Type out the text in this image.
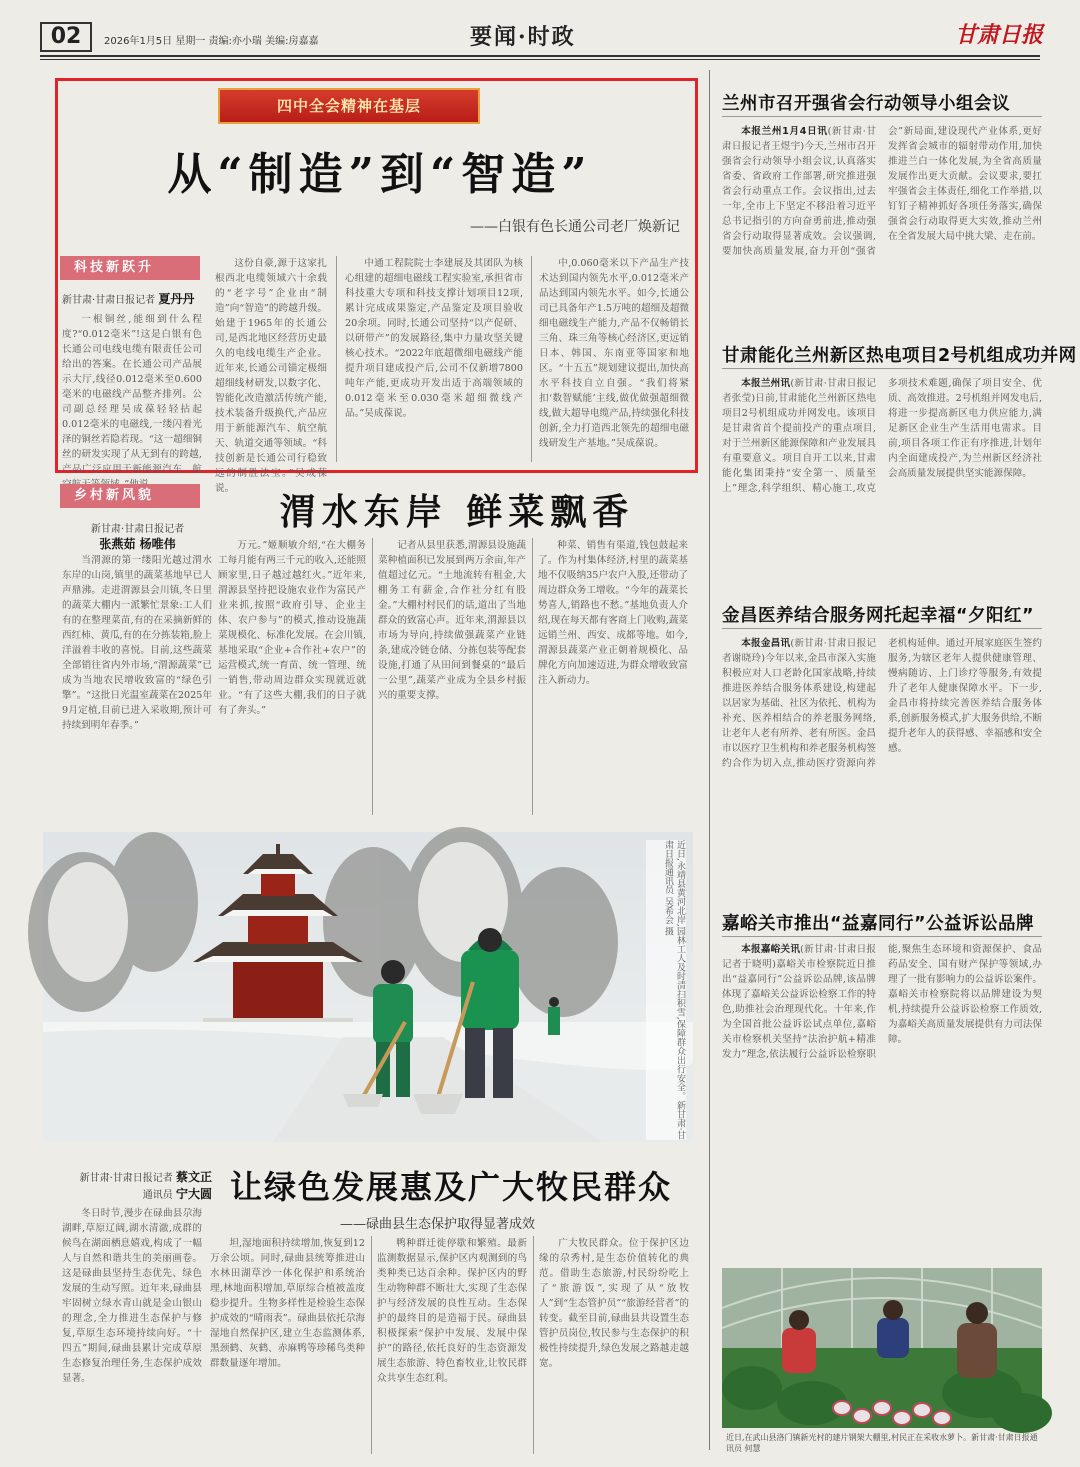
02	2026年1月5日 星期一 责编:亦小瑞 美编:房嘉嘉	要闻·时政	甘肃日报
四中全会精神在基层
从“制造”到“智造”
——白银有色长通公司老厂焕新记
科技新跃升
新甘肃·甘肃日报记者 夏丹丹

一根铜丝,能细到什么程度?“0.012毫米”!这是白银有色长通公司电线电缆有限责任公司给出的答案。在长通公司产品展示大厅,线径0.012毫米至0.600毫米的电磁线产品整齐排列。公司副总经理吴成葆轻轻拈起0.012毫米的电磁线,一缕闪着光泽的铜丝若隐若现。“这一超细铜丝的研发实现了从无到有的跨越,产品广泛应用于新能源汽车、航

这份自豪,源于这家扎根西北电缆领域六十余载的“老字号”企业由“制造”向“智造”的跨越升级。始建于1965年的长通公司,是西北地区经营历史最久的电线电缆生产企业。近年来,长通公司锚定极细超细线材研发,以数字化、智能化改造激活传统产能,技术装备升级换代,产品应用于新能源汽车、航空航天、轨道交通等领域。“科技创新是长通公司行稳致远的制胜法宝。”吴成葆说。

中通工程院院士李建展及其团队为核心组建的超细电磁线工程实验室,承担省市科技重大专项和科技支撑计划项目12项,累计完成成果鉴定,产品鉴定及项目验收20余项。同时,长通公司坚持“以产促研、以研带产”的发展路径,集中力量攻坚关键核心技术。“2022年底超微细电磁线产能提升项目建成投产后,公司不仅新增7800吨年产能,更成功开发出适于高端领域的0.012毫米至0.030毫米超细微线产品。”吴成葆说。

中,0.060毫米以下产品生产技术达到国内领先水平,0.012毫米产品达到国内领先水平。如今,长通公司已具备年产1.5万吨的超细及超微细电磁线生产能力,产品不仅畅销长三角、珠三角等核心经济区,更远销日本、韩国、东南亚等国家和地区。“十五五”规划建议提出,加快高水平科技自立自强。“我们将紧扣‘数智赋能’主线,做优做强超细微线,做大超导电缆产品,持续强化科技创新,全力打造西北领先的超细电磁线研发生产基地。”吴成葆说。

乡村新风貌	渭水东岸 鲜菜飘香
新甘肃·甘肃日报记者
张燕茹 杨唯伟

当渭源的第一缕阳光越过渭水东岸的山岗,镇里的蔬菜基地早已人声鼎沸。走进渭源县会川镇,冬日里的蔬菜大棚内一派繁忙景象:工人们有的在整理菜苗,有的在采摘新鲜的西红柿、黄瓜,有的在分拣装箱,脸上洋溢着丰收的喜悦。目前,这些蔬菜全部销往省内外市场,“渭源蔬菜”已成为当地农民增收致富的“绿色引擎”。“这批日光温室蔬菜在2025年9月定植,目前已进入采收期,预计可持续到明年春季。”

万元。”姬顺敏介绍,“在大棚务工每月能有两三千元的收入,还能照顾家里,日子越过越红火。”近年来,渭源县坚持把设施农业作为富民产业来抓,按照“政府引导、企业主体、农户参与”的模式,推动设施蔬菜规模化、标准化发展。在会川镇,基地采取“企业+合作社+农户”的运营模式,统一育苗、统一管理、统一销售,带动周边群众实现就近就业。“有了这些大棚,我们的日子就有了奔头。”

记者从县里获悉,渭源县设施蔬菜种植面积已发展到两万余亩,年产值超过亿元。“土地流转有租金,大棚务工有薪金,合作社分红有股金。”大棚村村民们的话,道出了当地群众的致富心声。近年来,渭源县以市场为导向,持续做强蔬菜产业链条,建成冷链仓储、分拣包装等配套设施,打通了从田间到餐桌的“最后一公里”,蔬菜产业成为全县乡村振兴的重要支撑。

种菜、销售有渠道,钱包鼓起来了。作为村集体经济,村里的蔬菜基地不仅吸纳35户农户入股,还带动了周边群众务工增收。“今年的蔬菜长势喜人,销路也不愁。”基地负责人介绍,现在每天都有客商上门收购,蔬菜远销兰州、西安、成都等地。如今,渭源县蔬菜产业正朝着规模化、品牌化方向加速迈进,为群众增收致富注入新动力。

近日,永靖县黄河北岸,园林工人及时清扫积雪,保障群众出行安全。新甘肃·甘肃日报通讯员 吴希会 摄
让绿色发展惠及广大牧民群众
——碌曲县生态保护取得显著成效
新甘肃·甘肃日报记者 蔡文正
通讯员 宁大圆

冬日时节,漫步在碌曲县尕海湖畔,草原辽阔,湖水清澈,成群的候鸟在湖面栖息嬉戏,构成了一幅人与自然和谐共生的美丽画卷。这是碌曲县坚持生态优先、绿色发展的生动写照。近年来,碌曲县牢固树立绿水青山就是金山银山的理念,全力推进生态保护与修复,草原生态环境持续向好。“十四五”期间,碌曲县累计完成草原生态修复治理任务,生态保护成效显著。

坦,湿地面积持续增加,恢复到12万余公顷。同时,碌曲县统筹推进山水林田湖草沙一体化保护和系统治理,林地面积增加,草原综合植被盖度稳步提升。生物多样性是检验生态保护成效的“晴雨表”。碌曲县依托尕海湿地自然保护区,建立生态监测体系,黑颈鹤、灰鹤、赤麻鸭等珍稀鸟类种群数量逐年增加。

鸭种群迁徙停歇和繁殖。最新监测数据显示,保护区内观测到的鸟类种类已达百余种。保护区内的野生动物种群不断壮大,实现了生态保护与经济发展的良性互动。生态保护的最终目的是造福于民。碌曲县积极探索“保护中发展、发展中保护”的路径,依托良好的生态资源发展生态旅游、特色畜牧业,让牧民群众共享生态红利。

广大牧民群众。位于保护区边缘的尕秀村,是生态价值转化的典范。借助生态旅游,村民纷纷吃上了“旅游饭”,实现了从“放牧人”到“生态管护员”“旅游经营者”的转变。截至目前,碌曲县共设置生态管护员岗位,牧民参与生态保护的积极性持续提升,绿色发展之路越走越宽。

兰州市召开强省会行动领导小组会议

本报兰州1月4日讯(新甘肃·甘肃日报记者王煜宇)今天,兰州市召开强省会行动领导小组会议,认真落实省委、省政府工作部署,研究推进强省会行动重点工作。会议指出,过去一年,全市上下坚定不移沿着习近平总书记指引的方向奋勇前进,推动强省会行动取得显著成效。会议强调,要加快高质量发展,奋力开创“强省会”新局面,建设现代产业体系,更好发挥省会城市的辐射带动作用,加快推进兰白一体化发展,为全省高质量发展作出更大贡献。会议要求,要扛牢强省会主体责任,细化工作举措,以钉钉子精神抓好各项任务落实,确保强省会行动取得更大实效,推动兰州在全省发展大局中挑大梁、走在前。

甘肃能化兰州新区热电项目2号机组成功并网

本报兰州讯(新甘肃·甘肃日报记者张莹)日前,甘肃能化兰州新区热电项目2号机组成功并网发电。该项目是甘肃省首个提前投产的重点项目,对于兰州新区能源保障和产业发展具有重要意义。项目自开工以来,甘肃能化集团秉持“安全第一、质量至上”理念,科学组织、精心施工,攻克多项技术难题,确保了项目安全、优质、高效推进。2号机组并网发电后,将进一步提高新区电力供应能力,满足新区企业生产生活用电需求。目前,项目各项工作正有序推进,计划年内全面建成投产,为兰州新区经济社会高质量发展提供坚实能源保障。

金昌医养结合服务网托起幸福“夕阳红”

本报金昌讯(新甘肃·甘肃日报记者谢晓玲)今年以来,金昌市深入实施积极应对人口老龄化国家战略,持续推进医养结合服务体系建设,构建起以居家为基础、社区为依托、机构为补充、医养相结合的养老服务网络,让老年人老有所养、老有所医。金昌市以医疗卫生机构和养老服务机构签约合作为切入点,推动医疗资源向养老机构延伸。通过开展家庭医生签约服务,为辖区老年人提供健康管理、慢病随访、上门诊疗等服务,有效提升了老年人健康保障水平。下一步,金昌市将持续完善医养结合服务体系,创新服务模式,扩大服务供给,不断提升老年人的获得感、幸福感和安全感。

嘉峪关市推出“益嘉同行”公益诉讼品牌

本报嘉峪关讯(新甘肃·甘肃日报记者于晓明)嘉峪关市检察院近日推出“益嘉同行”公益诉讼品牌,该品牌体现了嘉峪关公益诉讼检察工作的特色,助推社会治理现代化。十年来,作为全国首批公益诉讼试点单位,嘉峪关市检察机关坚持“法治护航+精准发力”理念,依法履行公益诉讼检察职能,聚焦生态环境和资源保护、食品药品安全、国有财产保护等领域,办理了一批有影响力的公益诉讼案件。嘉峪关市检察院将以品牌建设为契机,持续提升公益诉讼检察工作质效,为嘉峪关高质量发展提供有力司法保障。

近日,在武山县洛门镇新光村的建片钢架大棚里,村民正在采收水萝卜。新甘肃·甘肃日报通讯员 何慧
